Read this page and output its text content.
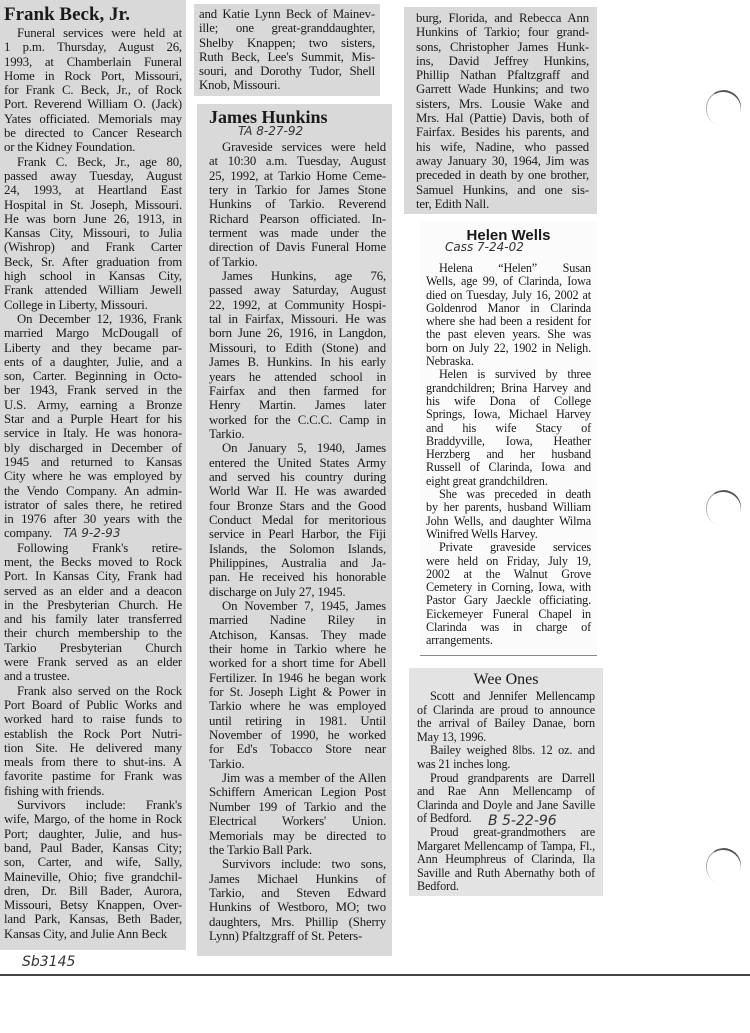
Frank Beck, Jr.
Funeral services were held at
1 p.m. Thursday, August 26,
1993, at Chamberlain Funeral
Home in Rock Port, Missouri,
for Frank C. Beck, Jr., of Rock
Port. Reverend William O. (Jack)
Yates officiated. Memorials may
be directed to Cancer Research
or the Kidney Foundation.
Frank C. Beck, Jr., age 80,
passed away Tuesday, August
24, 1993, at Heartland East
Hospital in St. Joseph, Missouri.
He was born June 26, 1913, in
Kansas City, Missouri, to Julia
(Wishrop) and Frank Carter
Beck, Sr. After graduation from
high school in Kansas City,
Frank attended William Jewell
College in Liberty, Missouri.
On December 12, 1936, Frank
married Margo McDougall of
Liberty and they became par-
ents of a daughter, Julie, and a
son, Carter. Beginning in Octo-
ber 1943, Frank served in the
U.S. Army, earning a Bronze
Star and a Purple Heart for his
service in Italy. He was honora-
bly discharged in December of
1945 and returned to Kansas
City where he was employed by
the Vendo Company. An admin-
istrator of sales there, he retired
in 1976 after 30 years with the
company.
Following Frank's retire-
ment, the Becks moved to Rock
Port. In Kansas City, Frank had
served as an elder and a deacon
in the Presbyterian Church. He
and his family later transferred
their church membership to the
Tarkio Presbyterian Church
were Frank served as an elder
and a trustee.
Frank also served on the Rock
Port Board of Public Works and
worked hard to raise funds to
establish the Rock Port Nutri-
tion Site. He delivered many
meals from there to shut-ins. A
favorite pastime for Frank was
fishing with friends.
Survivors include: Frank's
wife, Margo, of the home in Rock
Port; daughter, Julie, and hus-
band, Paul Bader, Kansas City;
son, Carter, and wife, Sally,
Maineville, Ohio; five grandchil-
dren, Dr. Bill Bader, Aurora,
Missouri, Betsy Knappen, Over-
land Park, Kansas, Beth Bader,
Kansas City, and Julie Ann Beck
TA 9-2-93
and Katie Lynn Beck of Mainev-
ille; one great-granddaughter,
Shelby Knappen; two sisters,
Ruth Beck, Lee's Summit, Mis-
souri, and Dorothy Tudor, Shell
Knob, Missouri.
James Hunkins
Graveside services were held
at 10:30 a.m. Tuesday, August
25, 1992, at Tarkio Home Ceme-
tery in Tarkio for James Stone
Hunkins of Tarkio. Reverend
Richard Pearson officiated. In-
terment was made under the
direction of Davis Funeral Home
of Tarkio.
James Hunkins, age 76,
passed away Saturday, August
22, 1992, at Community Hospi-
tal in Fairfax, Missouri. He was
born June 26, 1916, in Langdon,
Missouri, to Edith (Stone) and
James B. Hunkins. In his early
years he attended school in
Fairfax and then farmed for
Henry Martin. James later
worked for the C.C.C. Camp in
Tarkio.
On January 5, 1940, James
entered the United States Army
and served his country during
World War II. He was awarded
four Bronze Stars and the Good
Conduct Medal for meritorious
service in Pearl Harbor, the Fiji
Islands, the Solomon Islands,
Philippines, Australia and Ja-
pan. He received his honorable
discharge on July 27, 1945.
On November 7, 1945, James
married Nadine Riley in
Atchison, Kansas. They made
their home in Tarkio where he
worked for a short time for Abell
Fertilizer. In 1946 he began work
for St. Joseph Light & Power in
Tarkio where he was employed
until retiring in 1981. Until
November of 1990, he worked
for Ed's Tobacco Store near
Tarkio.
Jim was a member of the Allen
Schiffern American Legion Post
Number 199 of Tarkio and the
Electrical Workers' Union.
Memorials may be directed to
the Tarkio Ball Park.
Survivors include: two sons,
James Michael Hunkins of
Tarkio, and Steven Edward
Hunkins of Westboro, MO; two
daughters, Mrs. Phillip (Sherry
Lynn) Pfaltzgraff of St. Peters-
TA 8-27-92
burg, Florida, and Rebecca Ann
Hunkins of Tarkio; four grand-
sons, Christopher James Hunk-
ins, David Jeffrey Hunkins,
Phillip Nathan Pfaltzgraff and
Garrett Wade Hunkins; and two
sisters, Mrs. Lousie Wake and
Mrs. Hal (Pattie) Davis, both of
Fairfax. Besides his parents, and
his wife, Nadine, who passed
away January 30, 1964, Jim was
preceded in death by one brother,
Samuel Hunkins, and one sis-
ter, Edith Nall.
Helen Wells
Helena “Helen” Susan
Wells, age 99, of Clarinda, Iowa
died on Tuesday, July 16, 2002 at
Goldenrod Manor in Clarinda
where she had been a resident for
the past eleven years. She was
born on July 22, 1902 in Neligh.
Nebraska.
Helen is survived by three
grandchildren; Brina Harvey and
his wife Dona of College
Springs, Iowa, Michael Harvey
and his wife Stacy of
Braddyville, Iowa, Heather
Herzberg and her husband
Russell of Clarinda, Iowa and
eight great grandchildren.
She was preceded in death
by her parents, husband William
John Wells, and daughter Wilma
Winifred Wells Harvey.
Private graveside services
were held on Friday, July 19,
2002 at the Walnut Grove
Cemetery in Corning, Iowa, with
Pastor Gary Jaeckle officiating.
Eickemeyer Funeral Chapel in
Clarinda was in charge of
arrangements.
Cass 7-24-02
Wee Ones
Scott and Jennifer Mellencamp
of Clarinda are proud to announce
the arrival of Bailey Danae, born
May 13, 1996.
Bailey weighed 8lbs. 12 oz. and
was 21 inches long.
Proud grandparents are Darrell
and Rae Ann Mellencamp of
Clarinda and Doyle and Jane Saville
of Bedford.
Proud great-grandmothers are
Margaret Mellencamp of Tampa, Fl.,
Ann Heumphreus of Clarinda, Ila
Saville and Ruth Abernathy both of
Bedford.
B 5-22-96
Sb3145
